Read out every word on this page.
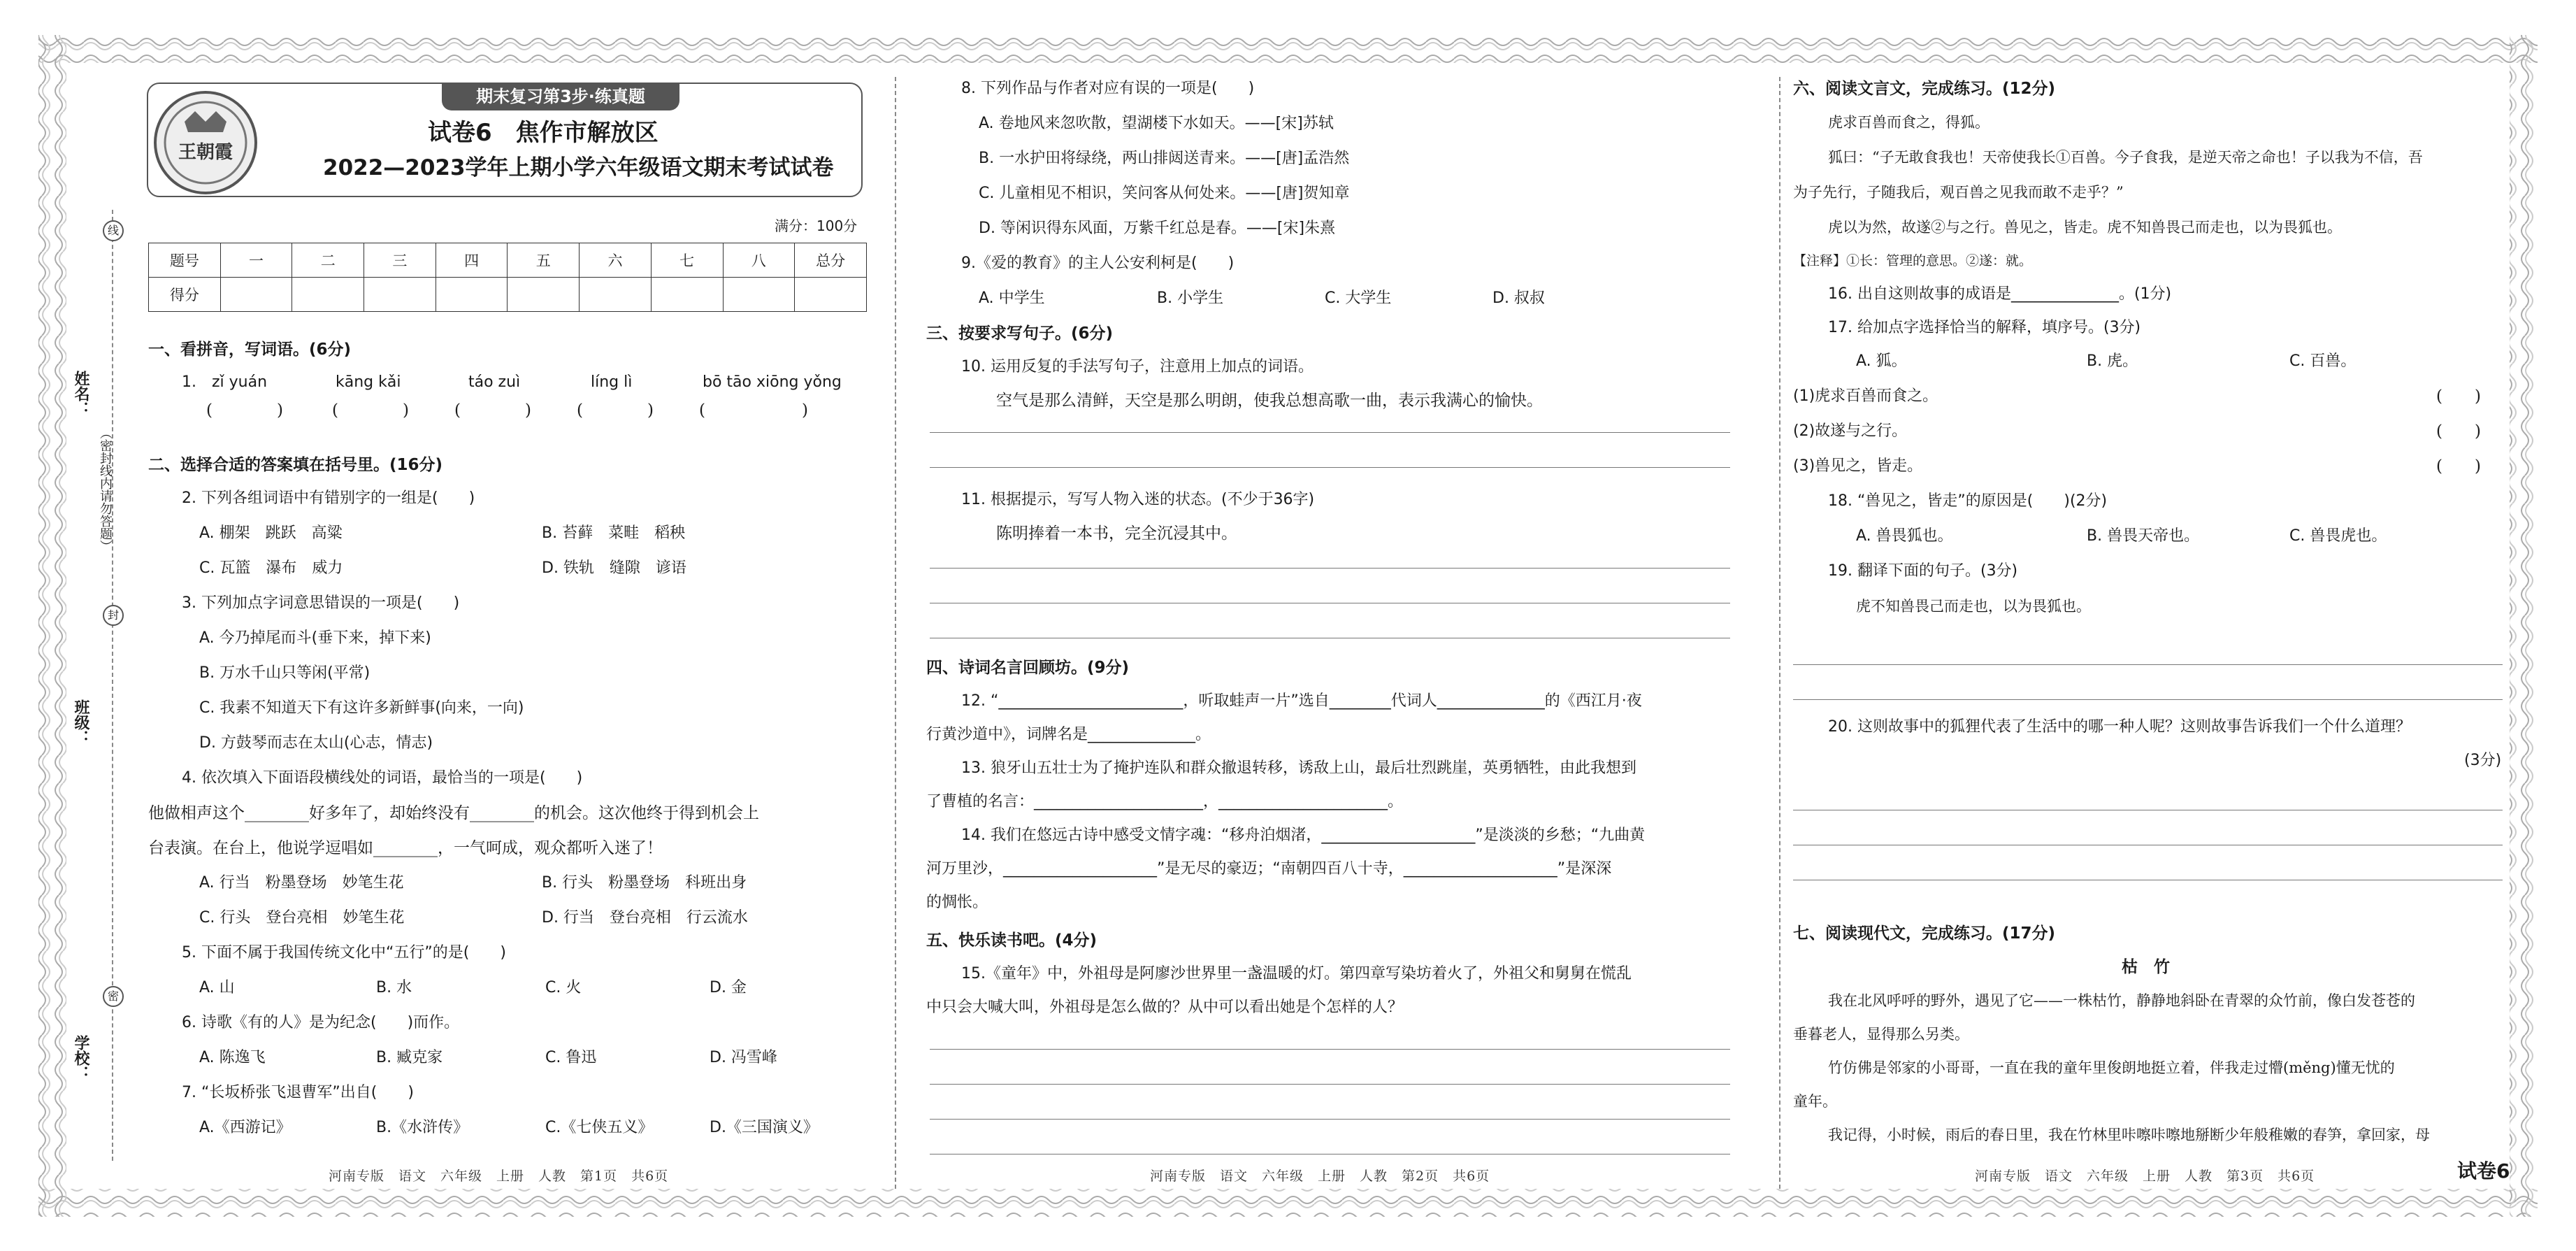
线
姓名：
（密封线内请勿答题）
封
班级：
密
学校：
期末复习第3步·练真题
王朝霞
试卷6　焦作市解放区
2022—2023学年上期小学六年级语文期末考试试卷
满分：100分
题号	一	二	三	四	五	六	七	八	总分
得分									
一、看拼音，写词语。(6分)
1.　zǐ yuán	kāng kǎi	táo zuì	líng lì	bō tāo xiōng yǒng
(　　　　)	(　　　　)	(　　　　)	(　　　　)	(　　　　　　)
二、选择合适的答案填在括号里。(16分)
2. 下列各组词语中有错别字的一组是(　　)
A. 棚架　跳跃　高粱	B. 苔藓　菜畦　稻秧
C. 瓦篮　瀑布　威力	D. 铁轨　缝隙　谚语
3. 下列加点字词意思错误的一项是(　　)
A. 今乃掉尾而斗(垂下来，掉下来)
B. 万水千山只等闲(平常)
C. 我素不知道天下有这许多新鲜事(向来，一向)
D. 方鼓琴而志在太山(心志，情志)
4. 依次填入下面语段横线处的词语，最恰当的一项是(　　)
他做相声这个________好多年了，却始终没有________的机会。这次他终于得到机会上
台表演。在台上，他说学逗唱如________，一气呵成，观众都听入迷了！
A. 行当　粉墨登场　妙笔生花	B. 行头　粉墨登场　科班出身
C. 行头　登台亮相　妙笔生花	D. 行当　登台亮相　行云流水
5. 下面不属于我国传统文化中“五行”的是(　　)
A. 山	B. 水	C. 火	D. 金
6. 诗歌《有的人》是为纪念(　　)而作。
A. 陈逸飞	B. 臧克家	C. 鲁迅	D. 冯雪峰
7. “长坂桥张飞退曹军”出自(　　)
A.《西游记》	B.《水浒传》	C.《七侠五义》	D.《三国演义》
河南专版　语文　六年级　上册　人教　第1页　共6页
8. 下列作品与作者对应有误的一项是(　　)
A. 卷地风来忽吹散，望湖楼下水如天。——[宋]苏轼
B. 一水护田将绿绕，两山排闼送青来。——[唐]孟浩然
C. 儿童相见不相识，笑问客从何处来。——[唐]贺知章
D. 等闲识得东风面，万紫千红总是春。——[宋]朱熹
9.《爱的教育》的主人公安利柯是(　　)
A. 中学生	B. 小学生	C. 大学生	D. 叔叔
三、按要求写句子。(6分)
10. 运用反复的手法写句子，注意用上加点的词语。
空气是那么清鲜，天空是那么明朗，使我总想高歌一曲，表示我满心的愉快。
11. 根据提示，写写人物入迷的状态。(不少于36字)
陈明捧着一本书，完全沉浸其中。
四、诗词名言回顾坊。(9分)
12. “________________________，听取蛙声一片”选自________代词人______________的《西江月·夜
行黄沙道中》，词牌名是______________。
13. 狼牙山五壮士为了掩护连队和群众撤退转移，诱敌上山，最后壮烈跳崖，英勇牺牲，由此我想到
了曹植的名言：______________________，______________________。
14. 我们在悠远古诗中感受文情字魂：“移舟泊烟渚，____________________”是淡淡的乡愁；“九曲黄
河万里沙，____________________”是无尽的豪迈；“南朝四百八十寺，____________________”是深深
的惆怅。
五、快乐读书吧。(4分)
15.《童年》中，外祖母是阿廖沙世界里一盏温暖的灯。第四章写染坊着火了，外祖父和舅舅在慌乱
中只会大喊大叫，外祖母是怎么做的？从中可以看出她是个怎样的人？
河南专版　语文　六年级　上册　人教　第2页　共6页
六、阅读文言文，完成练习。(12分)
虎求百兽而食之，得狐。
狐曰：“子无敢食我也！天帝使我长①百兽。今子食我，是逆天帝之命也！子以我为不信，吾
为子先行，子随我后，观百兽之见我而敢不走乎？”
虎以为然，故遂②与之行。兽见之，皆走。虎不知兽畏己而走也，以为畏狐也。
【注释】①长：管理的意思。②遂：就。
16. 出自这则故事的成语是______________。(1分)
17. 给加点字选择恰当的解释，填序号。(3分)
A. 狐。	B. 虎。	C. 百兽。
(1)虎求百兽而食之。	(　　)
(2)故遂与之行。	(　　)
(3)兽见之，皆走。	(　　)
18. “兽见之，皆走”的原因是(　　)(2分)
A. 兽畏狐也。	B. 兽畏天帝也。	C. 兽畏虎也。
19. 翻译下面的句子。(3分)
虎不知兽畏己而走也，以为畏狐也。
20. 这则故事中的狐狸代表了生活中的哪一种人呢？这则故事告诉我们一个什么道理？
(3分)
七、阅读现代文，完成练习。(17分)
枯　竹
我在北风呼呼的野外，遇见了它——一株枯竹，静静地斜卧在青翠的众竹前，像白发苍苍的
垂暮老人，显得那么另类。
竹仿佛是邻家的小哥哥，一直在我的童年里俊朗地挺立着，伴我走过懵(měng)懂无忧的
童年。
我记得，小时候，雨后的春日里，我在竹林里咔嚓咔嚓地掰断少年般稚嫩的春笋，拿回家，母
河南专版　语文　六年级　上册　人教　第3页　共6页	试卷6
